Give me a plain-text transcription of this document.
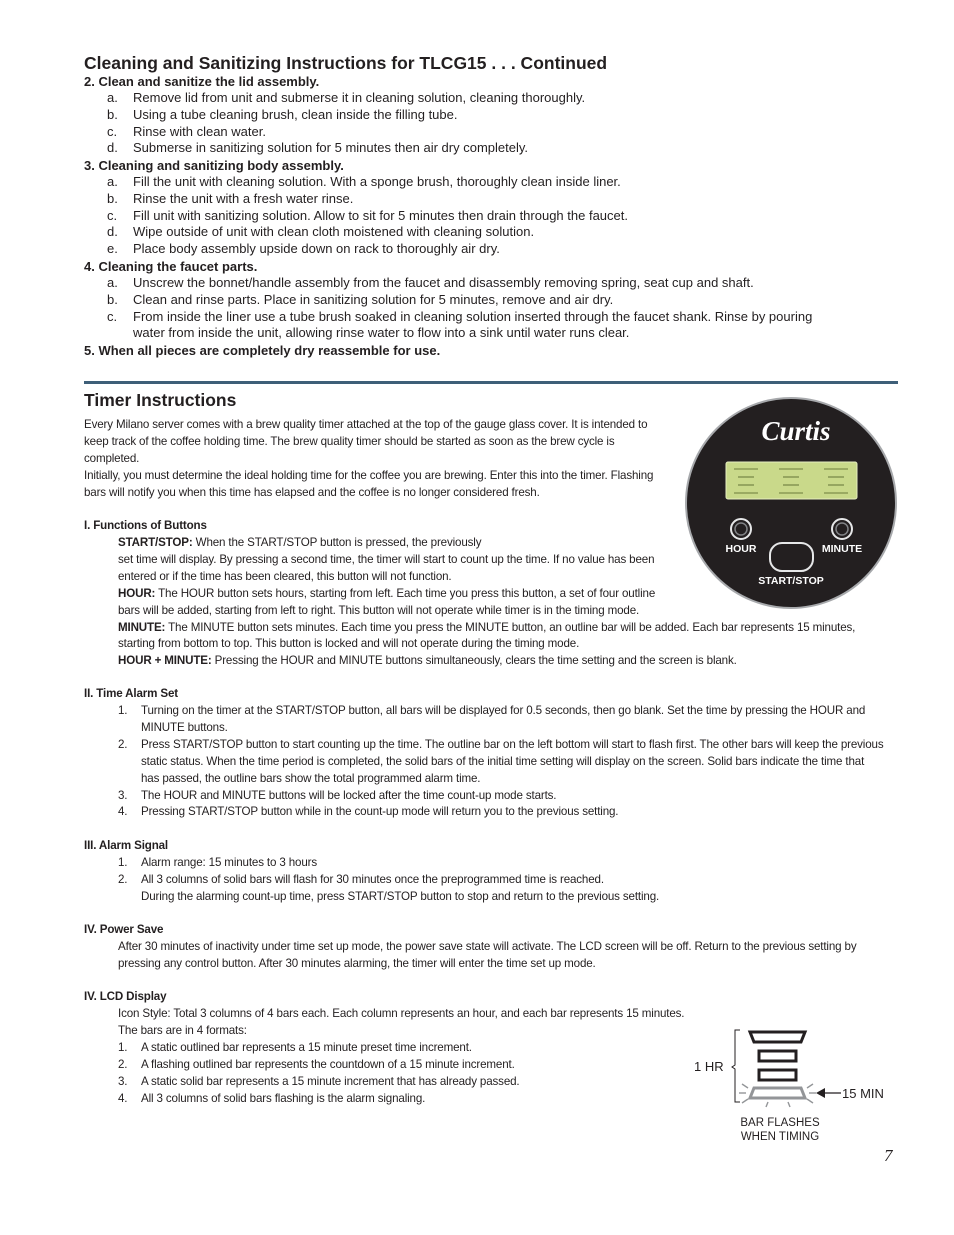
Cleaning and Sanitizing Instructions for TLCG15 . . . Continued
2. Clean and sanitize the lid assembly.
a. Remove lid from unit and submerse it in cleaning solution, cleaning thoroughly.
b. Using a tube cleaning brush, clean inside the filling tube.
c. Rinse with clean water.
d. Submerse in sanitizing solution for 5 minutes then air dry completely.
3. Cleaning and sanitizing body assembly.
a. Fill the unit with cleaning solution. With a sponge brush, thoroughly clean inside liner.
b. Rinse the unit with a fresh water rinse.
c. Fill unit with sanitizing solution. Allow to sit for 5 minutes then drain through the faucet.
d. Wipe outside of unit with clean cloth moistened with cleaning solution.
e. Place body assembly upside down on rack to thoroughly air dry.
4. Cleaning the faucet parts.
a. Unscrew the bonnet/handle assembly from the faucet and disassembly removing spring, seat cup and shaft.
b. Clean and rinse parts. Place in sanitizing solution for 5 minutes, remove and air dry.
c. From inside the liner use a tube brush soaked in cleaning solution inserted through the faucet shank. Rinse by pouring
water from inside the unit, allowing rinse water to flow into a sink until water runs clear.
5. When all pieces are completely dry reassemble for use.
Timer Instructions
Every Milano server comes with a brew quality timer attached at the top of the gauge glass cover. It is intended to
keep track of the coffee holding time. The brew quality timer should be started as soon as the brew cycle is
completed.
Initially, you must determine the ideal holding time for the coffee you are brewing. Enter this into the timer. Flashing
bars will notify you when this time has elapsed and the coffee is no longer considered fresh.
I. Functions of Buttons
START/STOP: When the START/STOP button is pressed, the previously
set time will display. By pressing a second time, the timer will start to count up the time. If no value has been
entered or if the time has been cleared, this button will not function.
HOUR: The HOUR button sets hours, starting from left. Each time you press this button, a set of four outline
bars will be added, starting from left to right. This button will not operate while timer is in the timing mode.
MINUTE: The MINUTE button sets minutes. Each time you press the MINUTE button, an outline bar will be added. Each bar represents 15 minutes,
starting from bottom to top. This button is locked and will not operate during the timing mode.
HOUR + MINUTE: Pressing the HOUR and MINUTE buttons simultaneously, clears the time setting and the screen is blank.
Curtis
HOUR	MINUTE
START/STOP
II. Time Alarm Set
1. Turning on the timer at the START/STOP button, all bars will be displayed for 0.5 seconds, then go blank. Set the time by pressing the HOUR and
MINUTE buttons.
2. Press START/STOP button to start counting up the time. The outline bar on the left bottom will start to flash first. The other bars will keep the previous
static status. When the time period is completed, the solid bars of the initial time setting will display on the screen. Solid bars indicate the time that
has passed, the outline bars show the total programmed alarm time.
3. The HOUR and MINUTE buttons will be locked after the time count-up mode starts.
4. Pressing START/STOP button while in the count-up mode will return you to the previous setting.
III. Alarm Signal
1. Alarm range: 15 minutes to 3 hours
2. All 3 columns of solid bars will flash for 30 minutes once the preprogrammed time is reached.
During the alarming count-up time, press START/STOP button to stop and return to the previous setting.
IV. Power Save
After 30 minutes of inactivity under time set up mode, the power save state will activate. The LCD screen will be off. Return to the previous setting by
pressing any control button. After 30 minutes alarming, the timer will enter the time set up mode.
IV. LCD Display
Icon Style: Total 3 columns of 4 bars each. Each column represents an hour, and each bar represents 15 minutes.
The bars are in 4 formats:
1. A static outlined bar represents a 15 minute preset time increment.
2. A flashing outlined bar represents the countdown of a 15 minute increment.
3. A static solid bar represents a 15 minute increment that has already passed.
4. All 3 columns of solid bars flashing is the alarm signaling.
1 HR
15 MIN
BAR FLASHES
WHEN TIMING
7
